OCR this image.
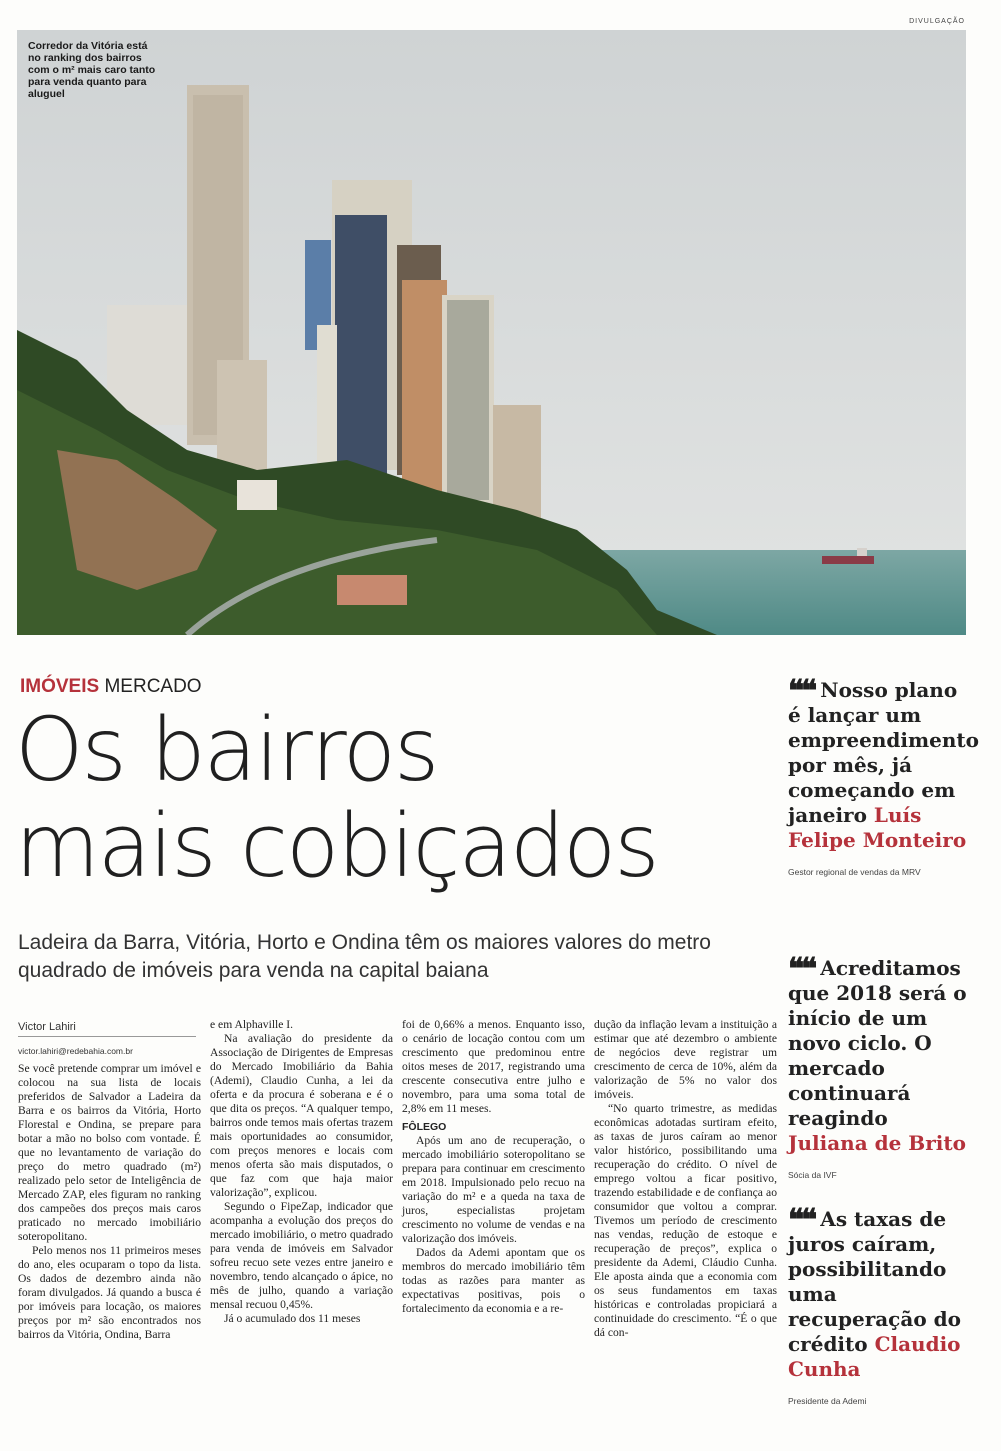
DIVULGAÇÃO
Corredor da Vitória está no ranking dos bairros com o m² mais caro tanto para venda quanto para aluguel
IMÓVEIS MERCADO
Os bairros
mais cobiçados
Ladeira da Barra, Vitória, Horto e Ondina têm os maiores valores do metro quadrado de imóveis para venda na capital baiana
Victor Lahiri
victor.lahiri@redebahia.com.br

Se você pretende comprar um imóvel e colocou na sua lista de locais preferidos de Salvador a Ladeira da Barra e os bairros da Vitória, Horto Florestal e Ondina, se prepare para botar a mão no bolso com vontade. É que no levantamento de variação do preço do metro quadrado (m²) realizado pelo setor de Inteligência de Mercado ZAP, eles figuram no ranking dos campeões dos preços mais caros praticado no mercado imobiliário soteropolitano.

Pelo menos nos 11 primeiros meses do ano, eles ocuparam o topo da lista. Os dados de dezembro ainda não foram divulgados. Já quando a busca é por imóveis para locação, os maiores preços por m² são encontrados nos bairros da Vitória, Ondina, Barra

e em Alphaville I.

Na avaliação do presidente da Associação de Dirigentes de Empresas do Mercado Imobiliário da Bahia (Ademi), Claudio Cunha, a lei da oferta e da procura é soberana e é o que dita os preços. “A qualquer tempo, bairros onde temos mais ofertas trazem mais oportunidades ao consumidor, com preços menores e locais com menos oferta são mais disputados, o que faz com que haja maior valorização”, explicou.

Segundo o FipeZap, indicador que acompanha a evolução dos preços do mercado imobiliário, o metro quadrado para venda de imóveis em Salvador sofreu recuo sete vezes entre janeiro e novembro, tendo alcançado o ápice, no mês de julho, quando a variação mensal recuou 0,45%.

Já o acumulado dos 11 meses

foi de 0,66% a menos. Enquanto isso, o cenário de locação contou com um crescimento que predominou entre oitos meses de 2017, registrando uma crescente consecutiva entre julho e novembro, para uma soma total de 2,8% em 11 meses.

FÔLEGO

Após um ano de recuperação, o mercado imobiliário soteropolitano se prepara para continuar em crescimento em 2018. Impulsionado pelo recuo na variação do m² e a queda na taxa de juros, especialistas projetam crescimento no volume de vendas e na valorização dos imóveis.

Dados da Ademi apontam que os membros do mercado imobiliário têm todas as razões para manter as expectativas positivas, pois o fortalecimento da economia e a re-

dução da inflação levam a instituição a estimar que até dezembro o ambiente de negócios deve registrar um crescimento de cerca de 10%, além da valorização de 5% no valor dos imóveis.

“No quarto trimestre, as medidas econômicas adotadas surtiram efeito, as taxas de juros caíram ao menor valor histórico, possibilitando uma recuperação do crédito. O nível de emprego voltou a ficar positivo, trazendo estabilidade e de confiança ao consumidor que voltou a comprar. Tivemos um período de crescimento nas vendas, redução de estoque e recuperação de preços”, explica o presidente da Ademi, Cláudio Cunha. Ele aposta ainda que a economia com os seus fundamentos em taxas históricas e controladas propiciará a continuidade do crescimento. “É o que dá con-

❝❝ Nosso plano é lançar um empreendimento por mês, já começando em janeiro Luís Felipe Monteiro
Gestor regional de vendas da MRV
❝❝ Acreditamos que 2018 será o início de um novo ciclo. O mercado continuará reagindo Juliana de Brito
Sócia da IVF
❝❝ As taxas de juros caíram, possibilitando uma recuperação do crédito Claudio Cunha
Presidente da Ademi
